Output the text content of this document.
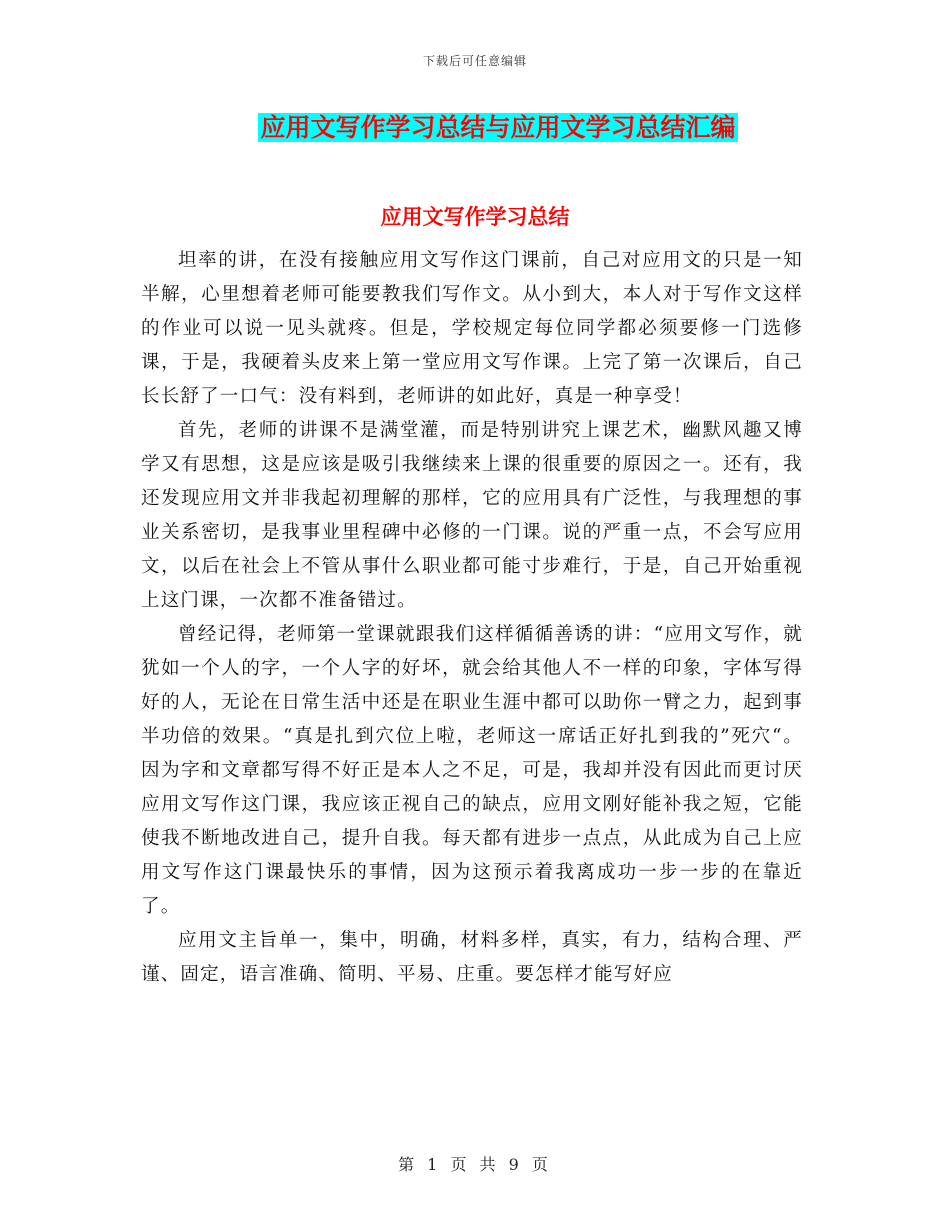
下载后可任意编辑
应用文写作学习总结与应用文学习总结汇编
应用文写作学习总结

坦率的讲，在没有接触应用文写作这门课前，自己对应用文的只是一知半解，心里想着老师可能要教我们写作文。从小到大，本人对于写作文这样的作业可以说一见头就疼。但是，学校规定每位同学都必须要修一门选修课，于是，我硬着头皮来上第一堂应用文写作课。上完了第一次课后，自己长长舒了一口气：没有料到，老师讲的如此好，真是一种享受！

首先，老师的讲课不是满堂灌，而是特别讲究上课艺术，幽默风趣又博学又有思想，这是应该是吸引我继续来上课的很重要的原因之一。还有，我还发现应用文并非我起初理解的那样，它的应用具有广泛性，与我理想的事业关系密切，是我事业里程碑中必修的一门课。说的严重一点，不会写应用文，以后在社会上不管从事什么职业都可能寸步难行，于是，自己开始重视上这门课，一次都不准备错过。

曾经记得，老师第一堂课就跟我们这样循循善诱的讲：“应用文写作，就犹如一个人的字，一个人字的好坏，就会给其他人不一样的印象，字体写得好的人，无论在日常生活中还是在职业生涯中都可以助你一臂之力，起到事半功倍的效果。“真是扎到穴位上啦，老师这一席话正好扎到我的”死穴“。因为字和文章都写得不好正是本人之不足，可是，我却并没有因此而更讨厌应用文写作这门课，我应该正视自己的缺点，应用文刚好能补我之短，它能使我不断地改进自己，提升自我。每天都有进步一点点，从此成为自己上应用文写作这门课最快乐的事情，因为这预示着我离成功一步一步的在靠近了。

应用文主旨单一，集中，明确，材料多样，真实，有力，结构合理、严谨、固定，语言准确、简明、平易、庄重。要怎样才能写好应

第 1 页 共 9 页
